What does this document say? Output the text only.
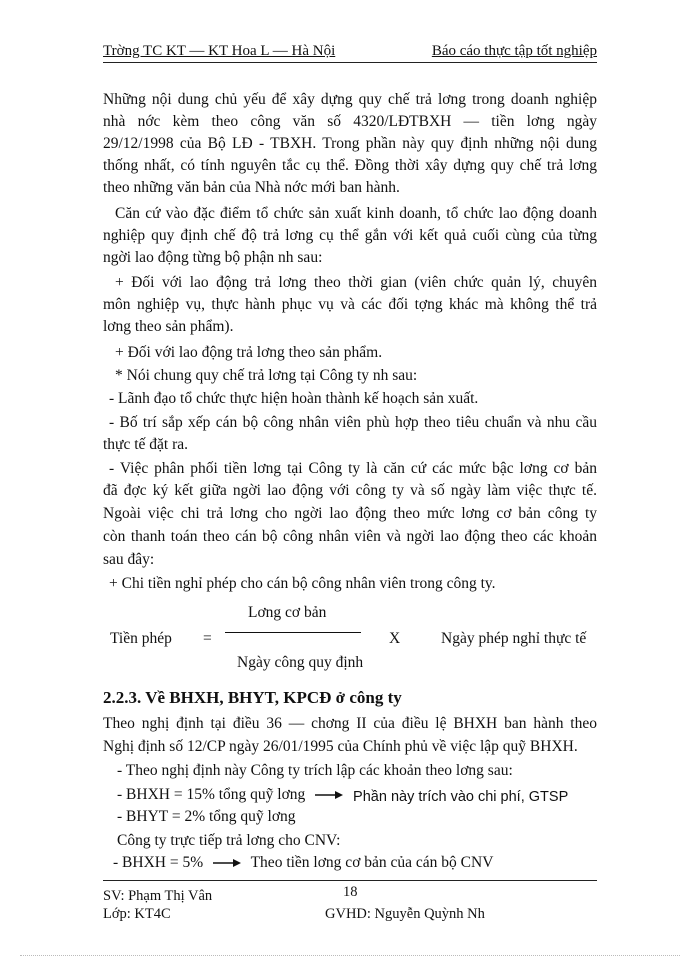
Trờng TC KT — KT Hoa L — Hà Nội	Báo cáo thực tập tốt nghiệp
Những nội dung chủ yếu để xây dựng quy chế trả lơng trong doanh nghiệp
nhà nớc kèm theo công văn số 4320/LĐTBXH — tiền lơng ngày
29/12/1998 của Bộ LĐ - TBXH. Trong phần này quy định những nội dung
thống nhất, có tính nguyên tắc cụ thể. Đồng thời xây dựng quy chế trả lơng
theo những văn bản của Nhà nớc mới ban hành.
Căn cứ vào đặc điểm tổ chức sản xuất kinh doanh, tổ chức lao động doanh
nghiệp quy định chế độ trả lơng cụ thể gắn với kết quả cuối cùng của từng
ngời lao động từng bộ phận nh sau:
+ Đối với lao động trả lơng theo thời gian (viên chức quản lý, chuyên
môn nghiệp vụ, thực hành phục vụ và các đối tợng khác mà không thể trả
lơng theo sản phẩm).
+ Đối với lao động trả lơng theo sản phẩm.
* Nói chung quy chế trả lơng tại Công ty nh sau:
- Lãnh đạo tổ chức thực hiện hoàn thành kế hoạch sản xuất.
- Bố trí sắp xếp cán bộ công nhân viên phù hợp theo tiêu chuẩn và nhu cầu
thực tế đặt ra.
- Việc phân phối tiền lơng tại Công ty là căn cứ các mức bậc lơng cơ bản
đã đợc ký kết giữa ngời lao động với công ty và số ngày làm việc thực tế.
Ngoài việc chi trả lơng cho ngời lao động theo mức lơng cơ bản công ty
còn thanh toán theo cán bộ công nhân viên và ngời lao động theo các khoản
sau đây:
+ Chi tiền nghỉ phép cho cán bộ công nhân viên trong công ty.
Tiền phép =
Lơng cơ bản
Ngày công quy định
X	Ngày phép nghỉ thực tế
2.2.3. Về BHXH, BHYT, KPCĐ ở công ty
Theo nghị định tại điều 36 — chơng II của điều lệ BHXH ban hành theo
Nghị định số 12/CP ngày 26/01/1995 của Chính phủ về việc lập quỹ BHXH.
- Theo nghị định này Công ty trích lập các khoản theo lơng sau:
- BHXH = 15% tổng quỹ lơng	Phần này trích vào chi phí, GTSP
- BHYT = 2% tổng quỹ lơng
Công ty trực tiếp trả lơng cho CNV:
- BHXH = 5%	Theo tiền lơng cơ bản của cán bộ CNV
18
SV: Phạm Thị Vân
Lớp: KT4C	GVHD: Nguyễn Quỳnh Nh
